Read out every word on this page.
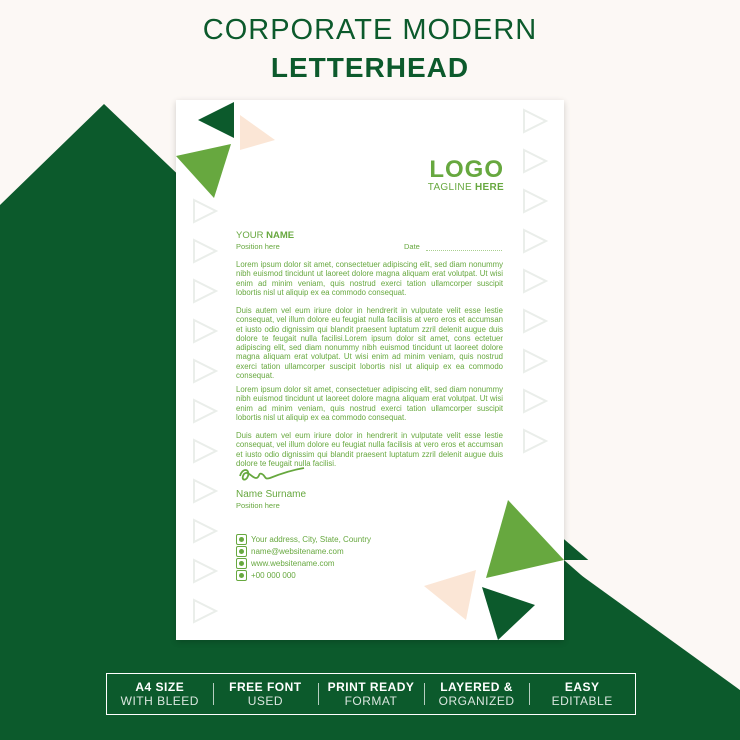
CORPORATE MODERN
LETTERHEAD
LOGO
TAGLINE HERE
YOUR NAME
Position here	Date
Lorem ipsum dolor sit amet, consectetuer adipiscing elit, sed diam nonummy nibh euismod tincidunt ut laoreet dolore magna aliquam erat volutpat. Ut wisi enim ad minim veniam, quis nostrud exerci tation ullamcorper suscipit lobortis nisl ut aliquip ex ea commodo consequat.
Duis autem vel eum iriure dolor in hendrerit in vulputate velit esse lestie consequat, vel illum dolore eu feugiat nulla facilisis at vero eros et accumsan et iusto odio dignissim qui blandit praesent luptatum zzril delenit augue duis dolore te feugait nulla facilisi.Lorem ipsum dolor sit amet, cons ectetuer adipiscing elit, sed diam nonummy nibh euismod tincidunt ut laoreet dolore magna aliquam erat volutpat. Ut wisi enim ad minim veniam, quis nostrud exerci tation ullamcorper suscipit lobortis nisl ut aliquip ex ea commodo consequat.
Lorem ipsum dolor sit amet, consectetuer adipiscing elit, sed diam nonummy nibh euismod tincidunt ut laoreet dolore magna aliquam erat volutpat. Ut wisi enim ad minim veniam, quis nostrud exerci tation ullamcorper suscipit lobortis nisl ut aliquip ex ea commodo consequat.
Duis autem vel eum iriure dolor in hendrerit in vulputate velit esse lestie consequat, vel illum dolore eu feugiat nulla facilisis at vero eros et accumsan et iusto odio dignissim qui blandit praesent luptatum zzril delenit augue duis dolore te feugait nulla facilisi.
Name Surname
Position here
Your address, City, State, Country
name@websitename.com
www.websitename.com
+00 000 000
A4 SIZE
WITH BLEED
FREE FONT
USED
PRINT READY
FORMAT
LAYERED &
ORGANIZED
EASY
EDITABLE
